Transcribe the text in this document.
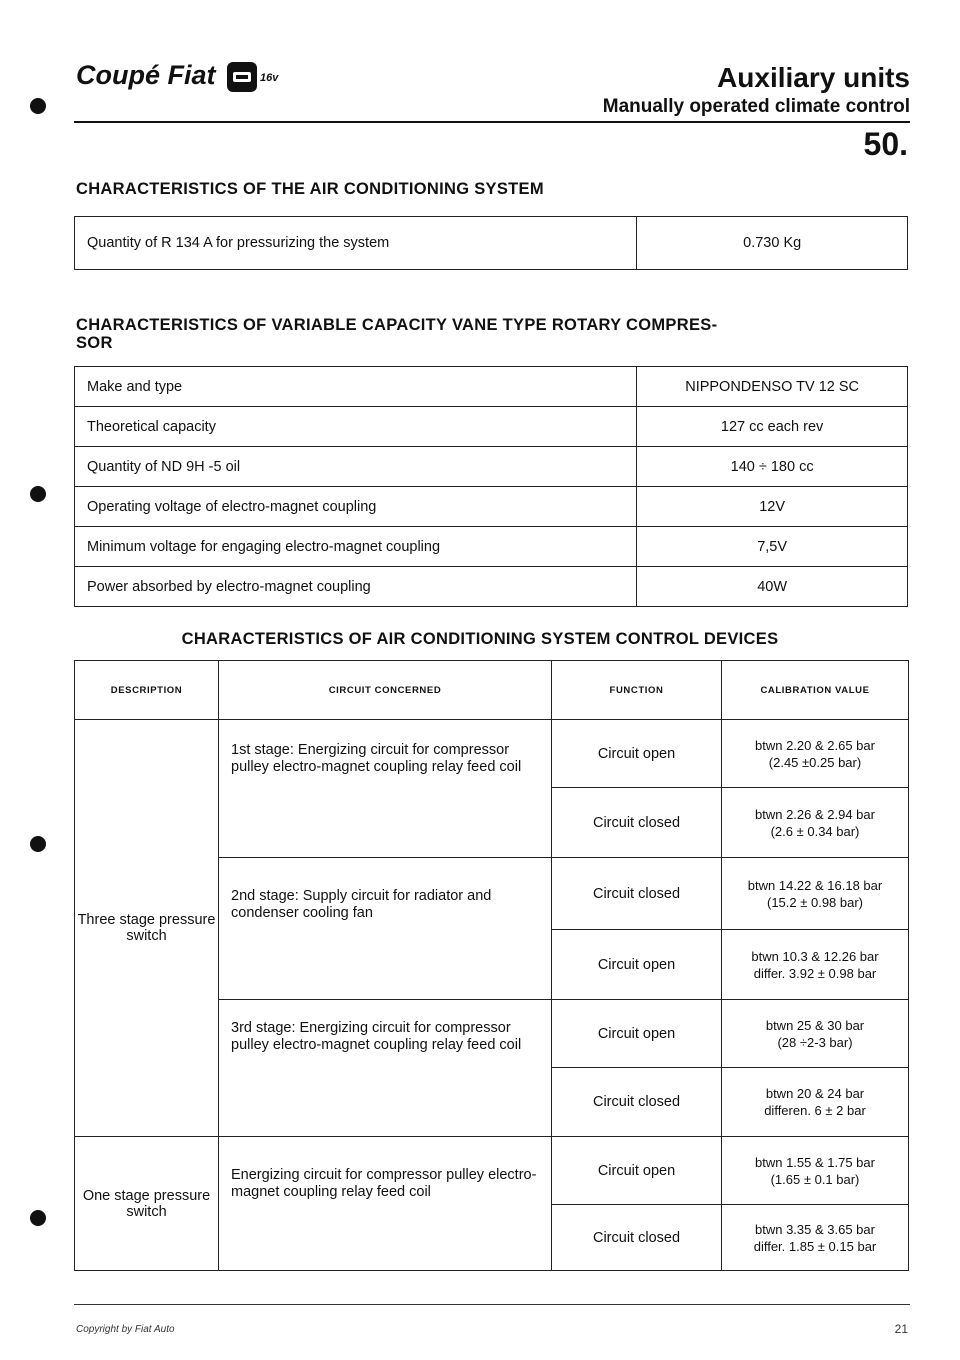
Coupé Fiat	16v	Auxiliary units
Manually operated climate control
50.
CHARACTERISTICS OF THE AIR CONDITIONING SYSTEM
Quantity of R 134 A for pressurizing the system	0.730 Kg
CHARACTERISTICS OF VARIABLE CAPACITY VANE TYPE ROTARY COMPRES-
SOR
Make and type	NIPPONDENSO TV 12 SC
Theoretical capacity	127 cc each rev
Quantity of ND 9H -5 oil	140 ÷ 180 cc
Operating voltage of electro-magnet coupling	12V
Minimum voltage for engaging electro-magnet coupling	7,5V
Power absorbed by electro-magnet coupling	40W
CHARACTERISTICS OF AIR CONDITIONING SYSTEM CONTROL DEVICES
DESCRIPTION	CIRCUIT CONCERNED	FUNCTION	CALIBRATION VALUE
Three stage pressure switch	1st stage: Energizing circuit for compressor pulley electro-magnet coupling relay feed coil	Circuit open	btwn 2.20 & 2.65 bar
(2.45 ±0.25 bar)

		Circuit closed	btwn 2.26 & 2.94 bar
(2.6 ± 0.34 bar)

	2nd stage: Supply circuit for radiator and condenser cooling fan	Circuit closed	btwn 14.22 & 16.18 bar
(15.2 ± 0.98 bar)

		Circuit open	btwn 10.3 & 12.26 bar
differ. 3.92 ± 0.98 bar

	3rd stage: Energizing circuit for compressor pulley electro-magnet coupling relay feed coil	Circuit open	btwn 25 & 30 bar
(28 ÷2-3 bar)

		Circuit closed	btwn 20 & 24 bar
differen. 6 ± 2 bar

One stage pressure switch	Energizing circuit for compressor pulley electro-magnet coupling relay feed coil	Circuit open	btwn 1.55 & 1.75 bar
(1.65 ± 0.1 bar)

		Circuit closed	btwn 3.35 & 3.65 bar
differ. 1.85 ± 0.15 bar
Copyright by Fiat Auto	21
